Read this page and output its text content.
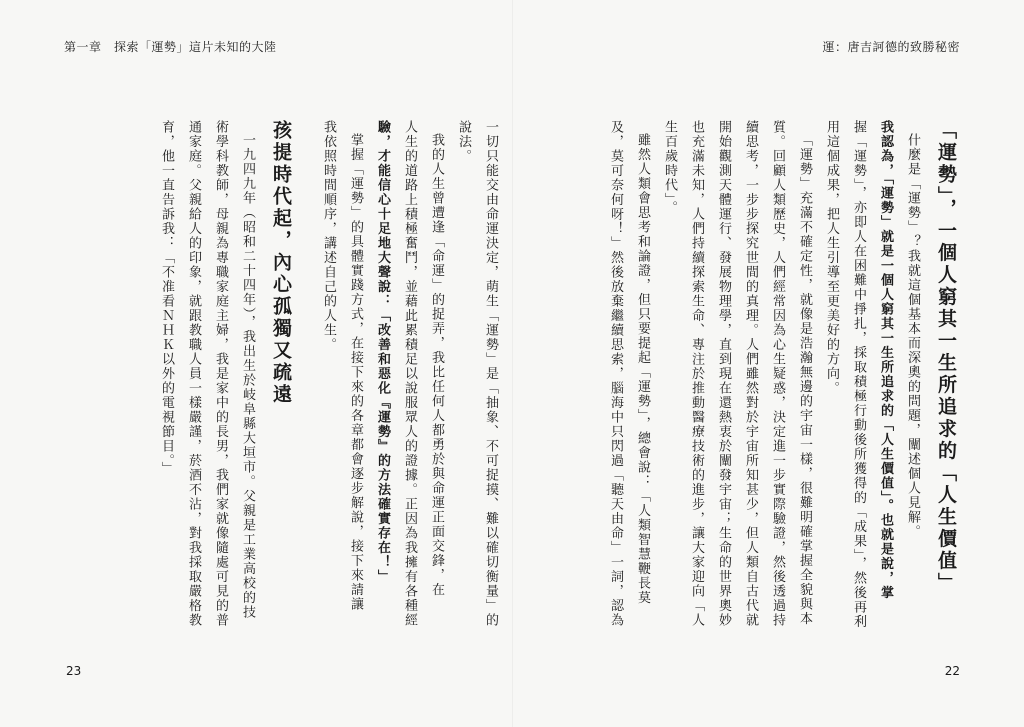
第一章　探索「運勢」這片未知的大陸	運：唐吉訶德的致勝秘密
「運勢」，一個人窮其一生所追求的「人生價值」
什麼是「運勢」？我就這個基本而深奧的問題，闡述個人見解。
我認為，「運勢」就是一個人窮其一生所追求的「人生價值」。也就是說，掌
握「運勢」，亦即人在困難中掙扎，採取積極行動後所獲得的「成果」，然後再利
用這個成果，把人生引導至更美好的方向。
「運勢」充滿不確定性，就像是浩瀚無邊的宇宙一樣，很難明確掌握全貌與本
質。回顧人類歷史，人們經常因為心生疑惑，決定進一步實際驗證，然後透過持
續思考，一步步探究世間的真理。人們雖然對於宇宙所知甚少，但人類自古代就
開始觀測天體運行、發展物理學，直到現在還熱衷於闡發宇宙；生命的世界奧妙
也充滿未知，人們持續探索生命、專注於推動醫療技術的進步，讓大家迎向「人
生百歲時代」。
雖然人類會思考和論證，但只要提起「運勢」，總會說：「人類智慧鞭長莫
及，莫可奈何呀！」然後放棄繼續思索，腦海中只閃過「聽天由命」一詞，認為
一切只能交由命運決定，萌生「運勢」是「抽象、不可捉摸、難以確切衡量」的
說法。
我的人生曾遭逢「命運」的捉弄，我比任何人都勇於與命運正面交鋒，在
人生的道路上積極奮鬥，並藉此累積足以說服眾人的證據。正因為我擁有各種經
驗，才能信心十足地大聲說：「改善和惡化『運勢』的方法確實存在！」
掌握「運勢」的具體實踐方式，在接下來的各章都會逐步解說，接下來請讓
我依照時間順序，講述自己的人生。
孩提時代起，內心孤獨又疏遠
一九四九年（昭和二十四年），我出生於岐阜縣大垣市。父親是工業高校的技
術學科教師，母親為專職家庭主婦，我是家中的長男，我們家就像隨處可見的普
通家庭。父親給人的印象，就跟教職人員一樣嚴謹，菸酒不沾，對我採取嚴格教
育，他一直告訴我：「不准看ＮＨＫ以外的電視節目。」
23	22
